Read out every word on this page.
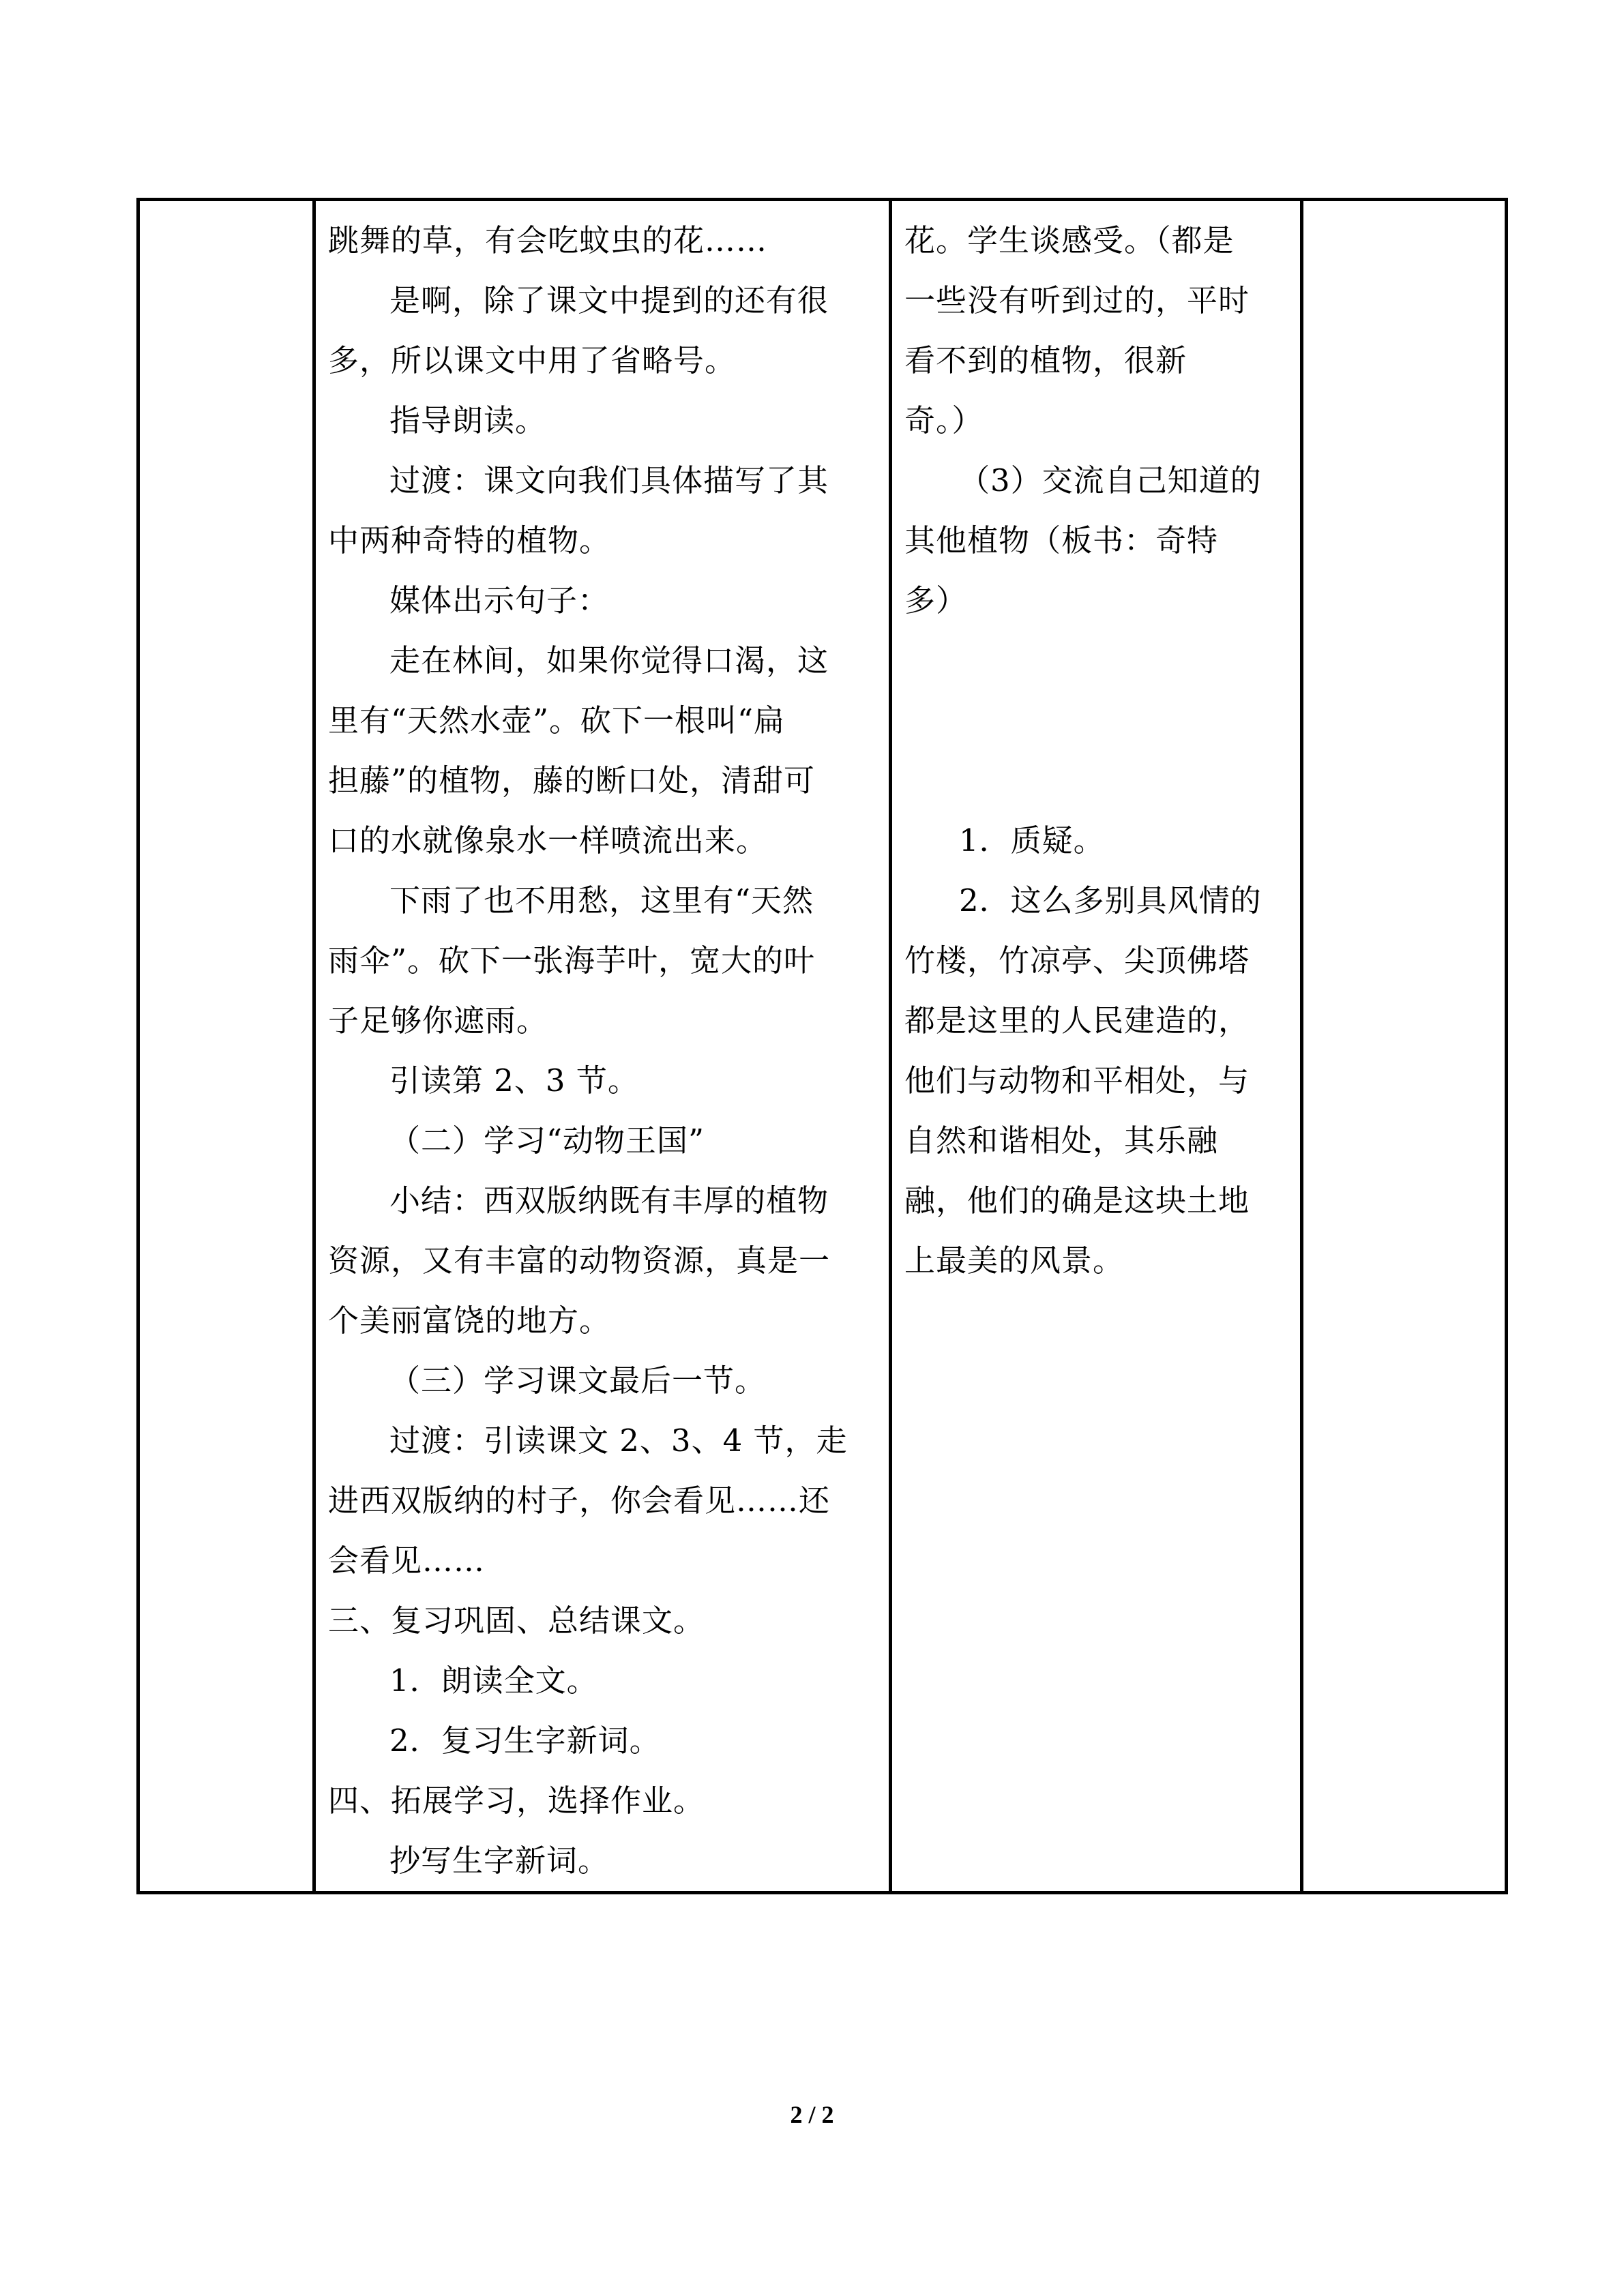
跳舞的草，有会吃蚊虫的花……
是啊，除了课文中提到的还有很
多，所以课文中用了省略号。
指导朗读。
过渡：课文向我们具体描写了其
中两种奇特的植物。
媒体出示句子：
走在林间，如果你觉得口渴，这
里有“天然水壶”。砍下一根叫“扁
担藤”的植物，藤的断口处，清甜可
口的水就像泉水一样喷流出来。
下雨了也不用愁，这里有“天然
雨伞”。砍下一张海芋叶，宽大的叶
子足够你遮雨。
引读第 2、3 节。
（二）学习“动物王国”
小结：西双版纳既有丰厚的植物
资源，又有丰富的动物资源，真是一
个美丽富饶的地方。
（三）学习课文最后一节。
过渡：引读课文 2、3、4 节，走
进西双版纳的村子，你会看见……还
会看见……
三、复习巩固、总结课文。
1．朗读全文。
2．复习生字新词。
四、拓展学习，选择作业。
抄写生字新词。

花。学生谈感受。（都是
一些没有听到过的，平时
看不到的植物，很新
奇。）
（3）交流自己知道的
其他植物（板书：奇特
多）
1．质疑。
2．这么多别具风情的
竹楼，竹凉亭、尖顶佛塔
都是这里的人民建造的，
他们与动物和平相处，与
自然和谐相处，其乐融
融，他们的确是这块土地
上最美的风景。

2 / 2
